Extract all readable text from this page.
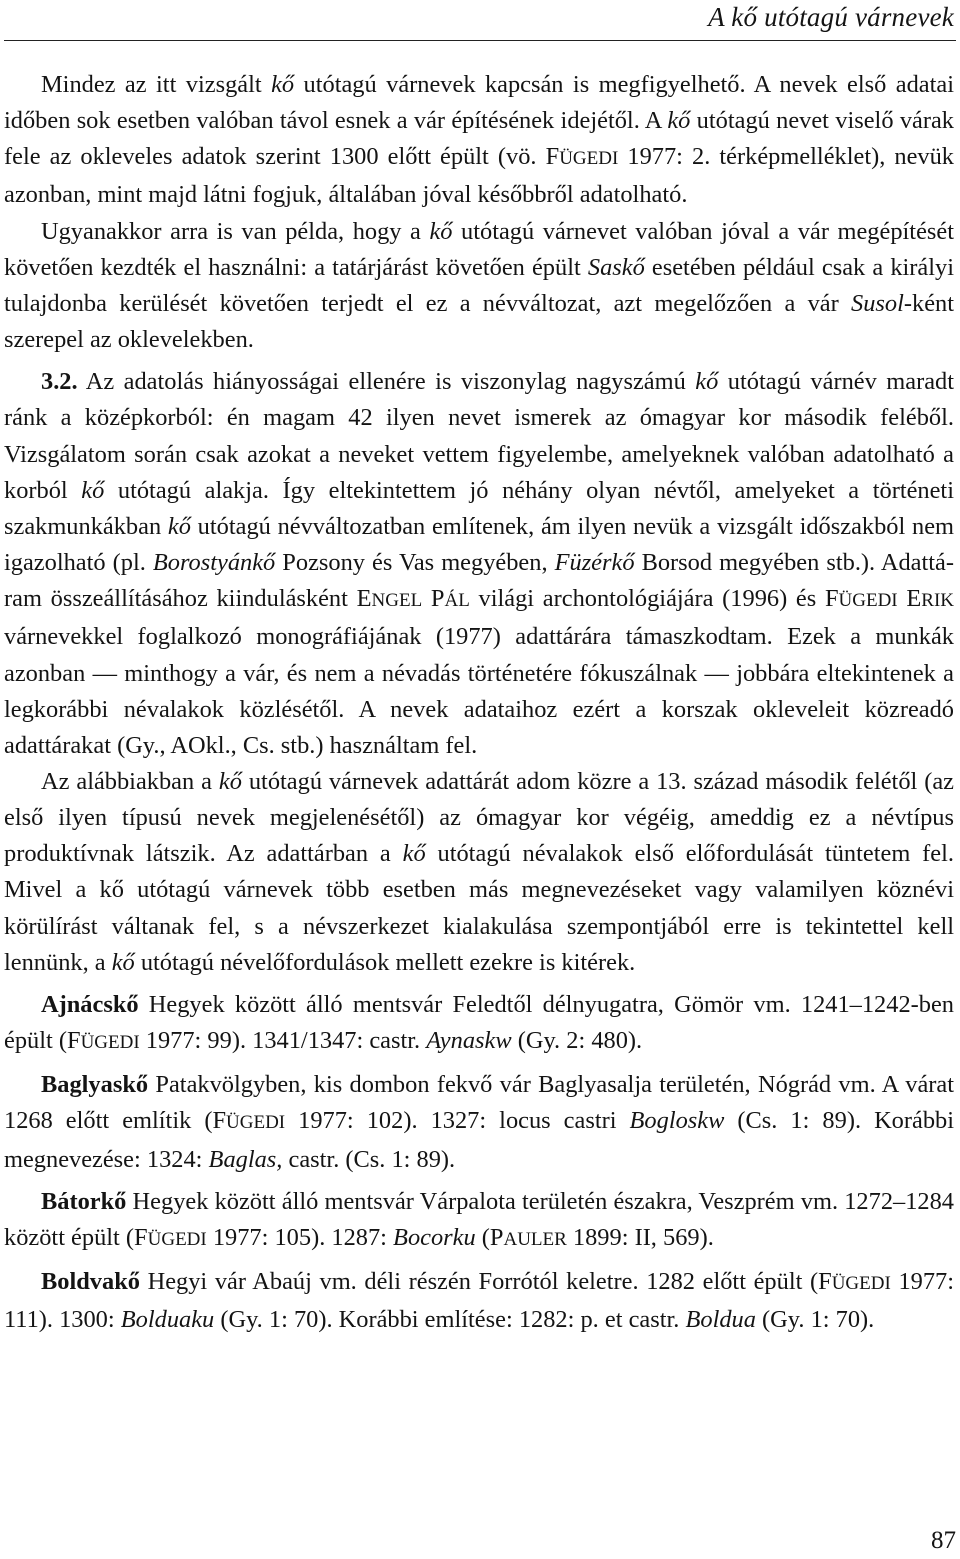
A kő utótagú várnevek

Mindez az itt vizsgált kő utótagú várnevek kapcsán is megfigyelhető. A nevek első adatai időben sok esetben valóban távol esnek a vár építésének idejétől. A kő utótagú nevet viselő várak fele az okleveles adatok szerint 1300 előtt épült (vö. FÜGEDI 1977: 2. térképmelléklet), nevük azonban, mint majd látni fogjuk, általában jóval későbbről adatolható.

Ugyanakkor arra is van példa, hogy a kő utótagú várnevet valóban jóval a vár megépítését követően kezdték el használni: a tatárjárást követően épült Saskő esetében például csak a királyi tulajdonba kerülését követően terjedt el ez a névváltozat, azt megelőzően a vár Susol-ként szerepel az oklevelekben.

3.2. Az adatolás hiányosságai ellenére is viszonylag nagyszámú kő utótagú várnév maradt ránk a középkorból: én magam 42 ilyen nevet ismerek az ómagyar kor második feléből. Vizsgálatom során csak azokat a neveket vettem figyelembe, amelyeknek valóban adatolható a korból kő utótagú alakja. Így eltekintettem jó néhány olyan névtől, amelyeket a történeti szakmunkákban kő utótagú névváltozatban említenek, ám ilyen nevük a vizsgált időszakból nem igazolható (pl. Borostyánkő Pozsony és Vas megyében, Füzérkő Borsod megyében stb.). Adattáram összeállításához kiindulásként ENGEL PÁL világi archontológiájára (1996) és FÜGEDI ERIK várnevekkel foglalkozó monográfiájának (1977) adattárára támaszkodtam. Ezek a munkák azonban — minthogy a vár, és nem a névadás történetére fókuszálnak — jobbára eltekintenek a legkorábbi névalakok közlésétől. A nevek adataihoz ezért a korszak okleveleit közreadó adattárakat (Gy., AOkl., Cs. stb.) használtam fel.

Az alábbiakban a kő utótagú várnevek adattárát adom közre a 13. század második felétől (az első ilyen típusú nevek megjelenésétől) az ómagyar kor végéig, ameddig ez a névtípus produktívnak látszik. Az adattárban a kő utótagú névalakok első előfordulását tüntetem fel. Mivel a kő utótagú várnevek több esetben más megnevezéseket vagy valamilyen köznévi körülírást váltanak fel, s a névszerkezet kialakulása szempontjából erre is tekintettel kell lennünk, a kő utótagú névelőfordulások mellett ezekre is kitérek.

Ajnácskő Hegyek között álló mentsvár Feledtől délnyugatra, Gömör vm. 1241–1242-ben épült (FÜGEDI 1977: 99). 1341/1347: castr. Aynaskw (Gy. 2: 480).

Baglyaskő Patakvölgyben, kis dombon fekvő vár Baglyasalja területén, Nógrád vm. A várat 1268 előtt említik (FÜGEDI 1977: 102). 1327: locus castri Bogloskw (Cs. 1: 89). Korábbi megnevezése: 1324: Baglas, castr. (Cs. 1: 89).

Bátorkő Hegyek között álló mentsvár Várpalota területén északra, Veszprém vm. 1272–1284 között épült (FÜGEDI 1977: 105). 1287: Bocorku (PAULER 1899: II, 569).

Boldvakő Hegyi vár Abaúj vm. déli részén Forrótól keletre. 1282 előtt épült (FÜGEDI 1977: 111). 1300: Bolduaku (Gy. 1: 70). Korábbi említése: 1282: p. et castr. Boldua (Gy. 1: 70).

87
